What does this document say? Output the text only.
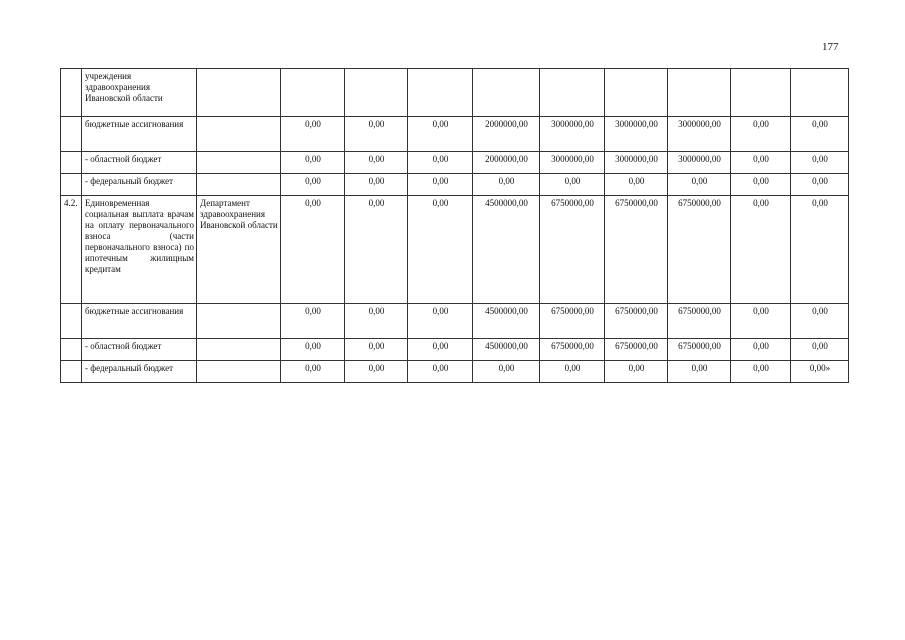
177
	учреждения здравоохранения Ивановской области										
	бюджетные ассигнования		0,00	0,00	0,00	2000000,00	3000000,00	3000000,00	3000000,00	0,00	0,00
	- областной бюджет		0,00	0,00	0,00	2000000,00	3000000,00	3000000,00	3000000,00	0,00	0,00
	- федеральный бюджет		0,00	0,00	0,00	0,00	0,00	0,00	0,00	0,00	0,00
4.2.	Единовременная социальная выплата врачам на оплату первоначального взноса (части первоначального взноса) по ипотечным жилищным кредитам	Департамент здравоохранения Ивановской области	0,00	0,00	0,00	4500000,00	6750000,00	6750000,00	6750000,00	0,00	0,00
	бюджетные ассигнования		0,00	0,00	0,00	4500000,00	6750000,00	6750000,00	6750000,00	0,00	0,00
	- областной бюджет		0,00	0,00	0,00	4500000,00	6750000,00	6750000,00	6750000,00	0,00	0,00
	- федеральный бюджет		0,00	0,00	0,00	0,00	0,00	0,00	0,00	0,00	0,00»
